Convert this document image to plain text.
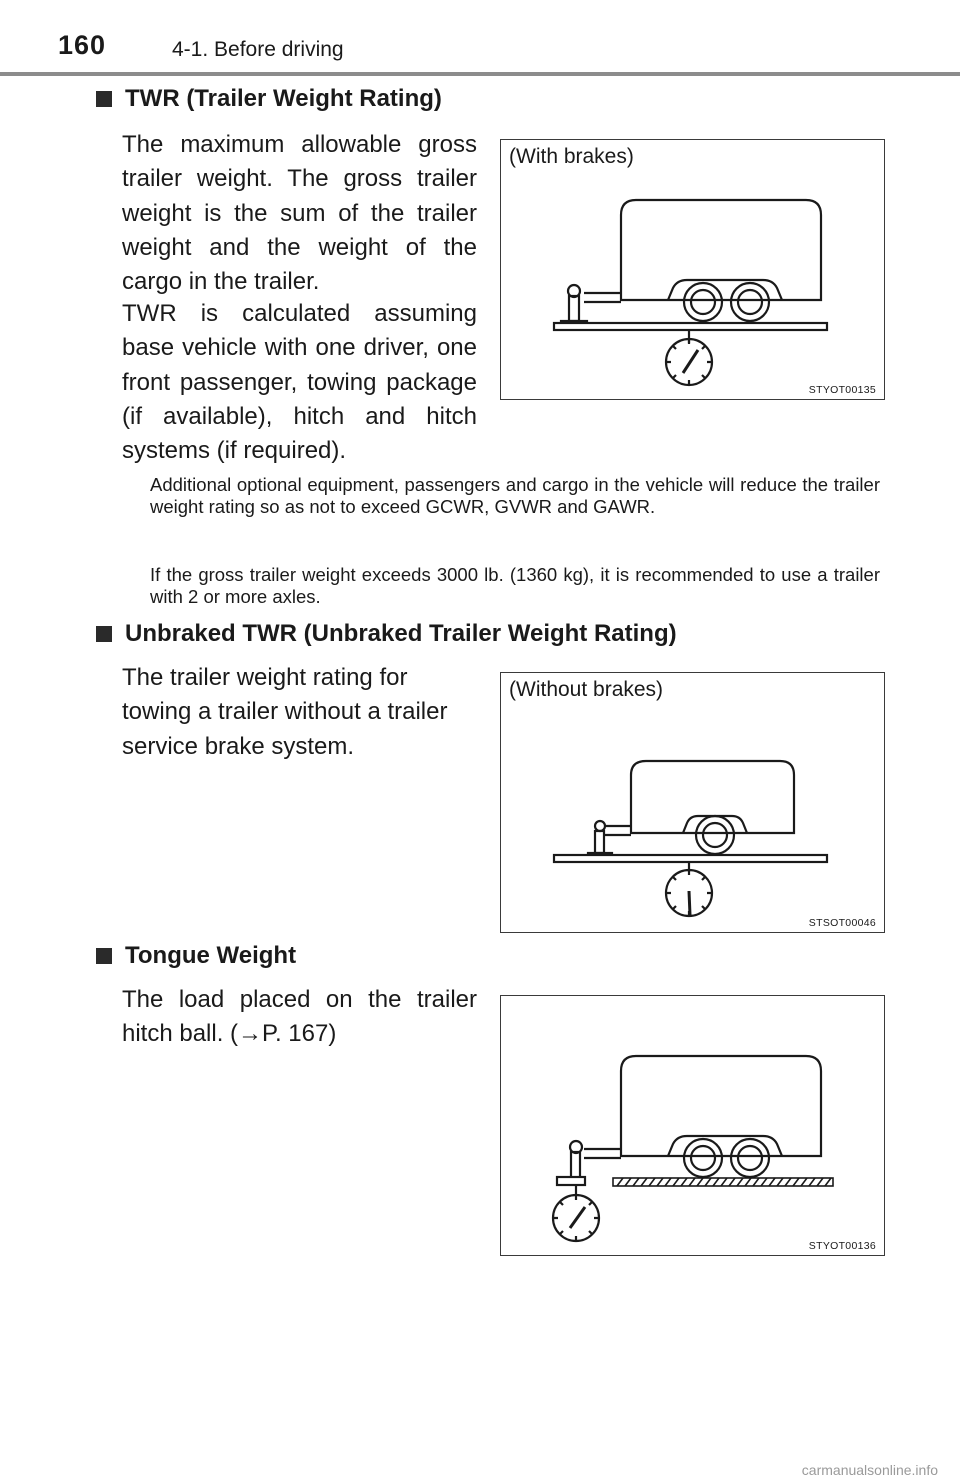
160	4-1. Before driving
TWR (Trailer Weight Rating)
The maximum allowable gross trailer weight. The gross trailer weight is the sum of the trailer weight and the weight of the cargo in the trailer.
TWR is calculated assuming base vehicle with one driver, one front passenger, towing package (if available), hitch and hitch systems (if required).
(With brakes)
STYOT00135
Additional optional equipment, passengers and cargo in the vehicle will reduce the trailer weight rating so as not to exceed GCWR, GVWR and GAWR.
If the gross trailer weight exceeds 3000 lb. (1360 kg), it is recommended to use a trailer with 2 or more axles.
Unbraked TWR (Unbraked Trailer Weight Rating)
The trailer weight rating for towing a trailer without a trailer service brake system.
(Without brakes)
STSOT00046
Tongue Weight
The load placed on the trailer hitch ball. (→P. 167)
STYOT00136
carmanualsonline.info
